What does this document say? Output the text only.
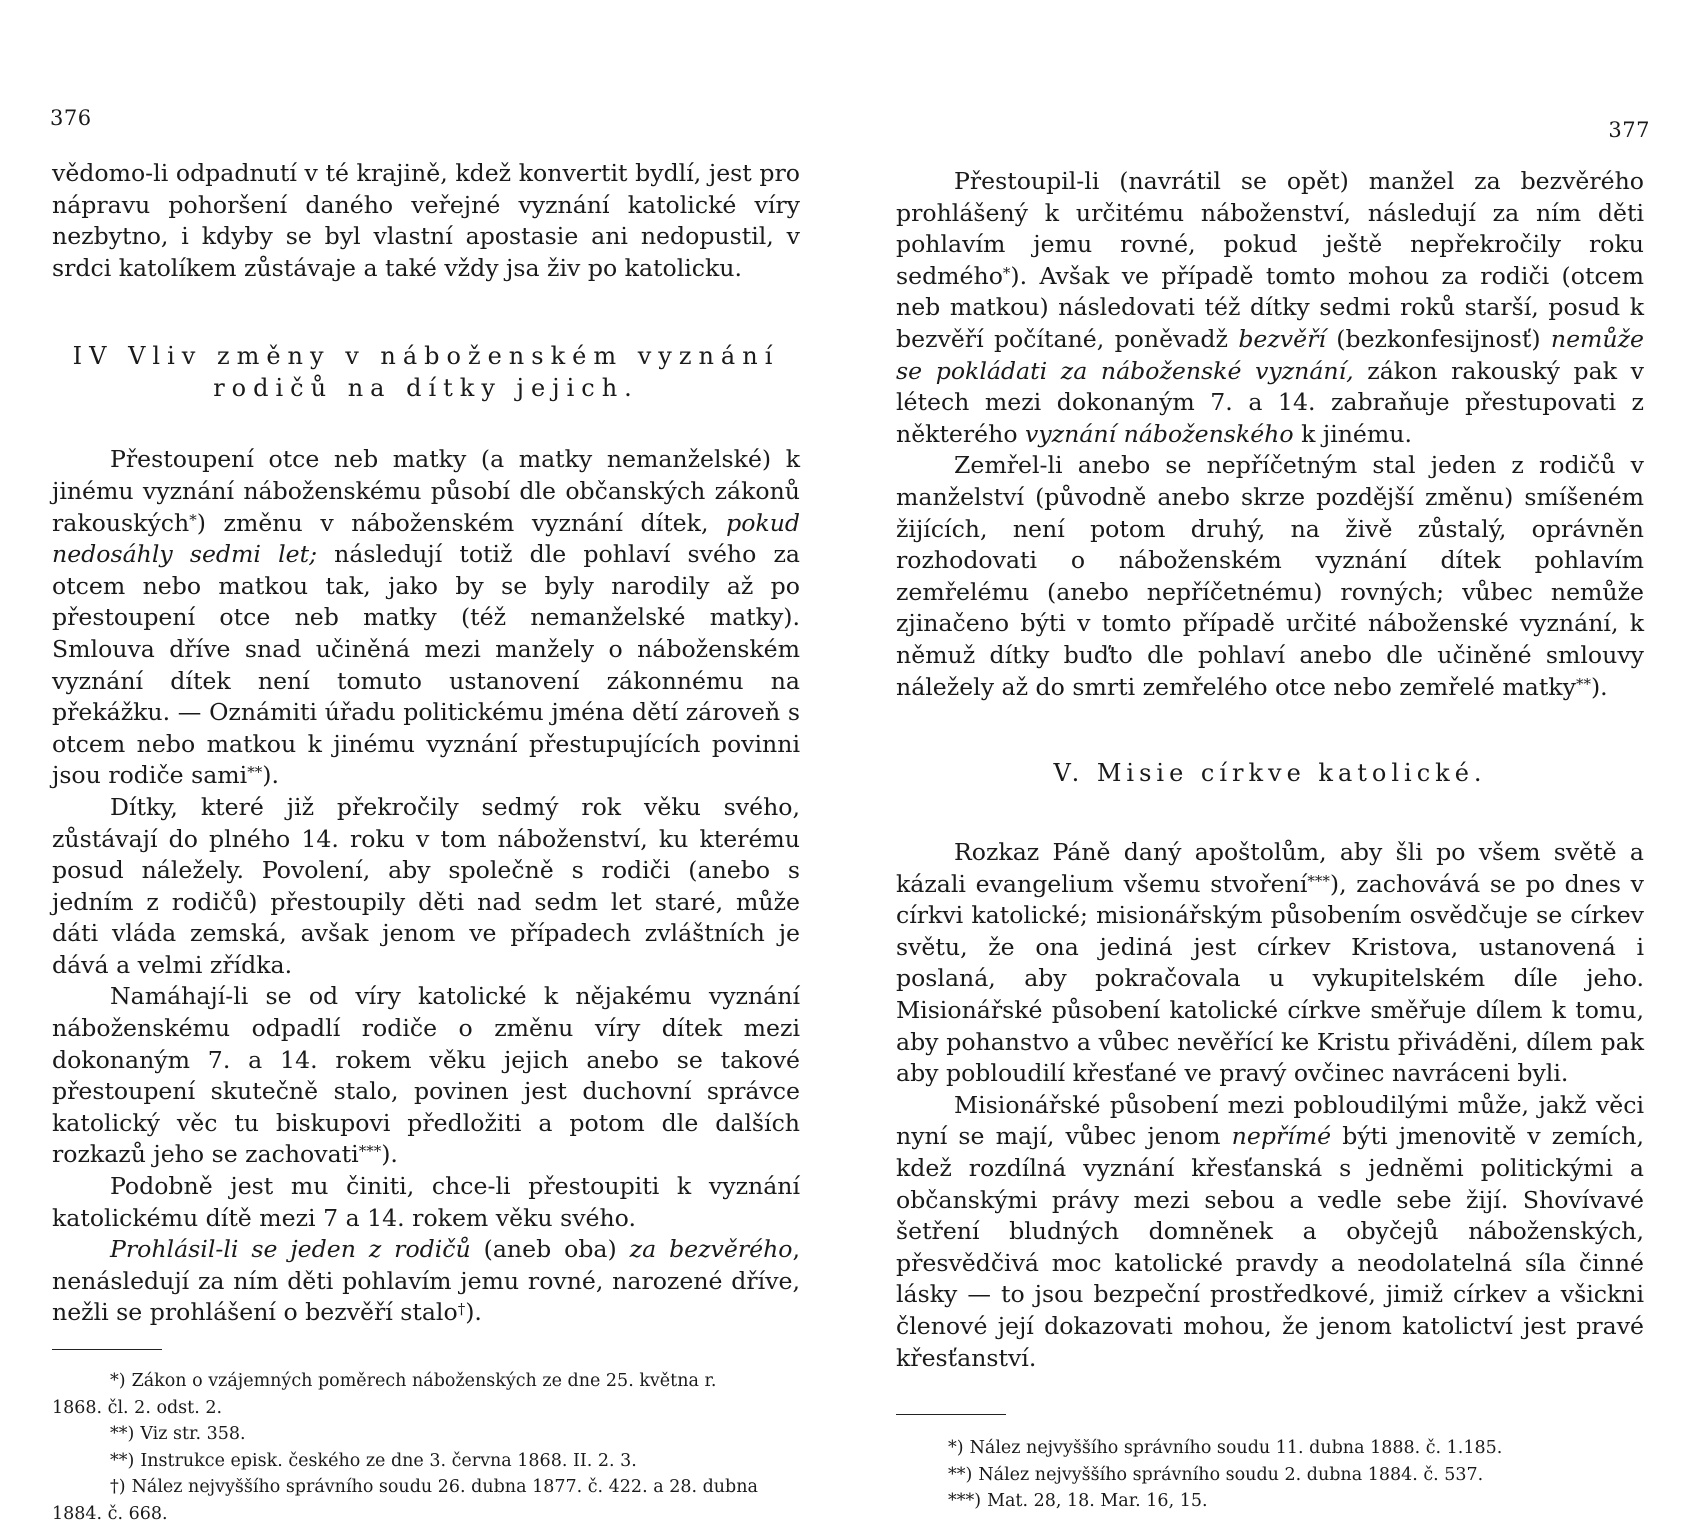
376

vědomo-li odpadnutí v té krajině, kdež konvertit bydlí, jest pro nápravu pohoršení daného veřejné vyznání katolické víry nezbytno, i kdyby se byl vlastní apostasie ani nedopustil, v srdci katolíkem zůstávaje a také vždy jsa živ po katolicku.

IV Vliv změny v náboženském vyznání
rodičů na dítky jejich.

Přestoupení otce neb matky (a matky nemanželské) k jinému vyznání náboženskému působí dle občanských zákonů rakouských*) změnu v náboženském vyznání dítek, pokud nedosáhly sedmi let; následují totiž dle pohlaví svého za otcem nebo matkou tak, jako by se byly narodily až po přestoupení otce neb matky (též nemanželské matky). Smlouva dříve snad učiněná mezi manžely o náboženském vyznání dítek není tomuto ustanovení zákonnému na překážku. — Oznámiti úřadu politickému jména dětí zároveň s otcem nebo matkou k jinému vyznání přestupujících povinni jsou rodiče sami**).

Dítky, které již překročily sedmý rok věku svého, zůstávají do plného 14. roku v tom náboženství, ku kterému posud náležely. Povolení, aby společně s rodiči (anebo s jedním z rodičů) přestoupily děti nad sedm let staré, může dáti vláda zemská, avšak jenom ve případech zvláštních je dává a velmi zřídka.

Namáhají-li se od víry katolické k nějakému vyznání náboženskému odpadlí rodiče o změnu víry dítek mezi dokonaným 7. a 14. rokem věku jejich anebo se takové přestoupení skutečně stalo, povinen jest duchovní správce katolický věc tu biskupovi předložiti a potom dle dalších rozkazů jeho se zachovati***).

Podobně jest mu činiti, chce-li přestoupiti k vyznání katolickému dítě mezi 7 a 14. rokem věku svého.

Prohlásil-li se jeden z rodičů (aneb oba) za bezvěrého, nenásledují za ním děti pohlavím jemu rovné, narozené dříve, nežli se prohlášení o bezvěří stalo†).

*) Zákon o vzájemných poměrech náboženských ze dne 25. května r.
1868. čl. 2. odst. 2.
**) Viz str. 358.
**) Instrukce episk. českého ze dne 3. června 1868. II. 2. 3.
†) Nález nejvyššího správního soudu 26. dubna 1877. č. 422. a 28. dubna
1884. č. 668.
377

Přestoupil-li (navrátil se opět) manžel za bezvěrého prohlášený k určitému náboženství, následují za ním děti pohlavím jemu rovné, pokud ještě nepřekročily roku sedmého*). Avšak ve případě tomto mohou za rodiči (otcem neb matkou) následovati též dítky sedmi roků starší, posud k bezvěří počítané, poněvadž bezvěří (bezkonfesijnosť) nemůže se pokládati za náboženské vyznání, zákon rakouský pak v létech mezi dokonaným 7. a 14. zabraňuje přestupovati z některého vyznání náboženského k jinému.

Zemřel-li anebo se nepříčetným stal jeden z rodičů v manželství (původně anebo skrze pozdější změnu) smíšeném žijících, není potom druhý, na živě zůstalý, oprávněn rozhodovati o náboženském vyznání dítek pohlavím zemřelému (anebo nepříčetnému) rovných; vůbec nemůže zjinačeno býti v tomto případě určité náboženské vyznání, k němuž dítky buďto dle pohlaví anebo dle učiněné smlouvy náležely až do smrti zemřelého otce nebo zemřelé matky**).

V. Misie církve katolické.

Rozkaz Páně daný apoštolům, aby šli po všem světě a kázali evangelium všemu stvoření***), zachovává se po dnes v církvi katolické; misionářským působením osvědčuje se církev světu, že ona jediná jest církev Kristova, ustanovená i poslaná, aby pokračovala u vykupitelském díle jeho. Misionářské působení katolické církve směřuje dílem k tomu, aby pohanstvo a vůbec nevěřící ke Kristu přiváděni, dílem pak aby pobloudilí křesťané ve pravý ovčinec navráceni byli.

Misionářské působení mezi pobloudilými může, jakž věci nyní se mají, vůbec jenom nepřímé býti jmenovitě v zemích, kdež rozdílná vyznání křesťanská s jedněmi politickými a občanskými právy mezi sebou a vedle sebe žijí. Shovívavé šetření bludných domněnek a obyčejů náboženských, přesvědčivá moc katolické pravdy a neodolatelná síla činné lásky — to jsou bezpeční prostředkové, jimiž církev a všickni členové její dokazovati mohou, že jenom katolictví jest pravé křesťanství.

*) Nález nejvyššího správního soudu 11. dubna 1888. č. 1.185.
**) Nález nejvyššího správního soudu 2. dubna 1884. č. 537.
***) Mat. 28, 18. Mar. 16, 15.
